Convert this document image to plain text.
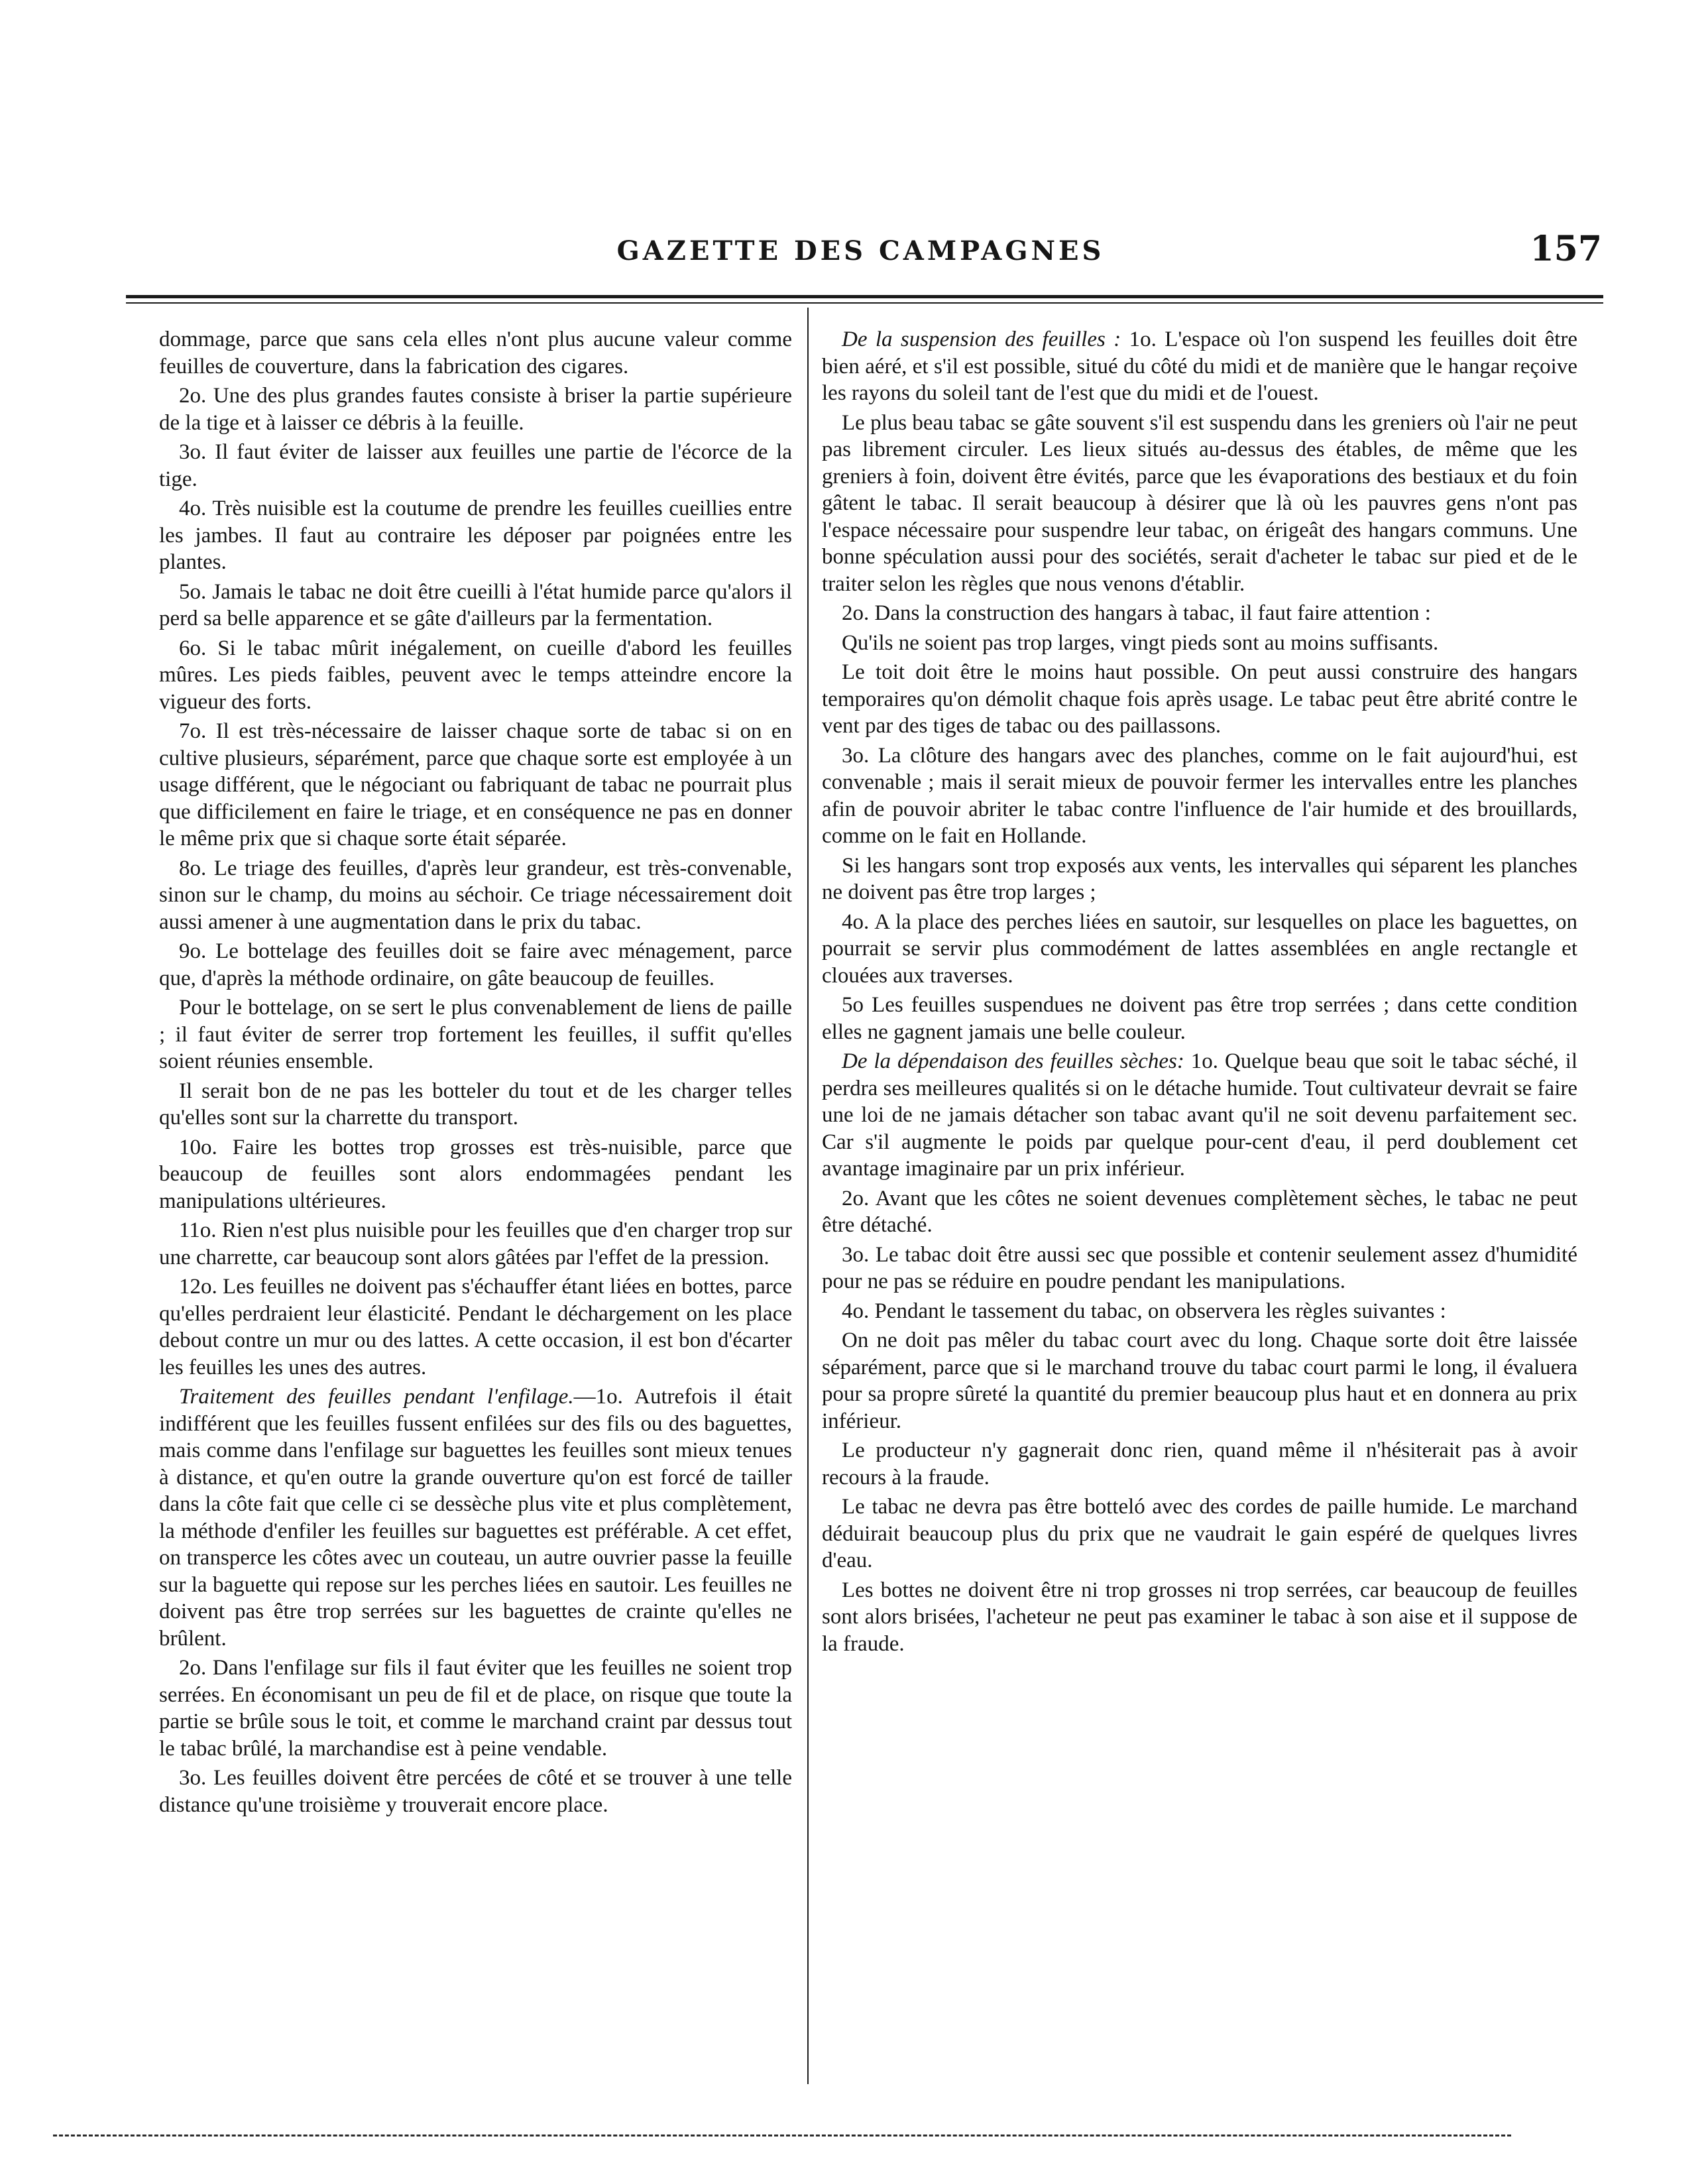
GAZETTE DES CAMPAGNES	157

dommage, parce que sans cela elles n'ont plus aucune valeur comme feuilles de couverture, dans la fabrication des cigares.

2o. Une des plus grandes fautes consiste à briser la partie supérieure de la tige et à laisser ce débris à la feuille.

3o. Il faut éviter de laisser aux feuilles une partie de l'écorce de la tige.

4o. Très nuisible est la coutume de prendre les feuilles cueillies entre les jambes. Il faut au contraire les déposer par poignées entre les plantes.

5o. Jamais le tabac ne doit être cueilli à l'état humide parce qu'alors il perd sa belle apparence et se gâte d'ailleurs par la fermentation.

6o. Si le tabac mûrit inégalement, on cueille d'abord les feuilles mûres. Les pieds faibles, peuvent avec le temps atteindre encore la vigueur des forts.

7o. Il est très-nécessaire de laisser chaque sorte de tabac si on en cultive plusieurs, séparément, parce que chaque sorte est employée à un usage différent, que le négociant ou fabriquant de tabac ne pourrait plus que difficilement en faire le triage, et en conséquence ne pas en donner le même prix que si chaque sorte était séparée.

8o. Le triage des feuilles, d'après leur grandeur, est très-convenable, sinon sur le champ, du moins au séchoir. Ce triage nécessairement doit aussi amener à une augmentation dans le prix du tabac.

9o. Le bottelage des feuilles doit se faire avec ménagement, parce que, d'après la méthode ordinaire, on gâte beaucoup de feuilles.

Pour le bottelage, on se sert le plus convenablement de liens de paille ; il faut éviter de serrer trop fortement les feuilles, il suffit qu'elles soient réunies ensemble.

Il serait bon de ne pas les botteler du tout et de les charger telles qu'elles sont sur la charrette du transport.

10o. Faire les bottes trop grosses est très-nuisible, parce que beaucoup de feuilles sont alors endommagées pendant les manipulations ultérieures.

11o. Rien n'est plus nuisible pour les feuilles que d'en charger trop sur une charrette, car beaucoup sont alors gâtées par l'effet de la pression.

12o. Les feuilles ne doivent pas s'échauffer étant liées en bottes, parce qu'elles perdraient leur élasticité. Pendant le déchargement on les place debout contre un mur ou des lattes. A cette occasion, il est bon d'écarter les feuilles les unes des autres.

Traitement des feuilles pendant l'enfilage.—1o. Autrefois il était indifférent que les feuilles fussent enfilées sur des fils ou des baguettes, mais comme dans l'enfilage sur baguettes les feuilles sont mieux tenues à distance, et qu'en outre la grande ouverture qu'on est forcé de tailler dans la côte fait que celle ci se dessèche plus vite et plus complètement, la méthode d'enfiler les feuilles sur baguettes est préférable. A cet effet, on transperce les côtes avec un couteau, un autre ouvrier passe la feuille sur la baguette qui repose sur les perches liées en sautoir. Les feuilles ne doivent pas être trop serrées sur les baguettes de crainte qu'elles ne brûlent.

2o. Dans l'enfilage sur fils il faut éviter que les feuilles ne soient trop serrées. En économisant un peu de fil et de place, on risque que toute la partie se brûle sous le toit, et comme le marchand craint par dessus tout le tabac brûlé, la marchandise est à peine vendable.

3o. Les feuilles doivent être percées de côté et se trouver à une telle distance qu'une troisième y trouverait encore place.

De la suspension des feuilles : 1o. L'espace où l'on suspend les feuilles doit être bien aéré, et s'il est possible, situé du côté du midi et de manière que le hangar reçoive les rayons du soleil tant de l'est que du midi et de l'ouest.

Le plus beau tabac se gâte souvent s'il est suspendu dans les greniers où l'air ne peut pas librement circuler. Les lieux situés au-dessus des étables, de même que les greniers à foin, doivent être évités, parce que les évaporations des bestiaux et du foin gâtent le tabac. Il serait beaucoup à désirer que là où les pauvres gens n'ont pas l'espace nécessaire pour suspendre leur tabac, on érigeât des hangars communs. Une bonne spéculation aussi pour des sociétés, serait d'acheter le tabac sur pied et de le traiter selon les règles que nous venons d'établir.

2o. Dans la construction des hangars à tabac, il faut faire attention :

Qu'ils ne soient pas trop larges, vingt pieds sont au moins suffisants.

Le toit doit être le moins haut possible. On peut aussi construire des hangars temporaires qu'on démolit chaque fois après usage. Le tabac peut être abrité contre le vent par des tiges de tabac ou des paillassons.

3o. La clôture des hangars avec des planches, comme on le fait aujourd'hui, est convenable ; mais il serait mieux de pouvoir fermer les intervalles entre les planches afin de pouvoir abriter le tabac contre l'influence de l'air humide et des brouillards, comme on le fait en Hollande.

Si les hangars sont trop exposés aux vents, les intervalles qui séparent les planches ne doivent pas être trop larges ;

4o. A la place des perches liées en sautoir, sur lesquelles on place les baguettes, on pourrait se servir plus commodément de lattes assemblées en angle rectangle et clouées aux traverses.

5o Les feuilles suspendues ne doivent pas être trop serrées ; dans cette condition elles ne gagnent jamais une belle couleur.

De la dépendaison des feuilles sèches: 1o. Quelque beau que soit le tabac séché, il perdra ses meilleures qualités si on le détache humide. Tout cultivateur devrait se faire une loi de ne jamais détacher son tabac avant qu'il ne soit devenu parfaitement sec. Car s'il augmente le poids par quelque pour-cent d'eau, il perd doublement cet avantage imaginaire par un prix inférieur.

2o. Avant que les côtes ne soient devenues complètement sèches, le tabac ne peut être détaché.

3o. Le tabac doit être aussi sec que possible et contenir seulement assez d'humidité pour ne pas se réduire en poudre pendant les manipulations.

4o. Pendant le tassement du tabac, on observera les règles suivantes :

On ne doit pas mêler du tabac court avec du long. Chaque sorte doit être laissée séparément, parce que si le marchand trouve du tabac court parmi le long, il évaluera pour sa propre sûreté la quantité du premier beaucoup plus haut et en donnera au prix inférieur.

Le producteur n'y gagnerait donc rien, quand même il n'hésiterait pas à avoir recours à la fraude.

Le tabac ne devra pas être botteló avec des cordes de paille humide. Le marchand déduirait beaucoup plus du prix que ne vaudrait le gain espéré de quelques livres d'eau.

Les bottes ne doivent être ni trop grosses ni trop serrées, car beaucoup de feuilles sont alors brisées, l'acheteur ne peut pas examiner le tabac à son aise et il suppose de la fraude.
